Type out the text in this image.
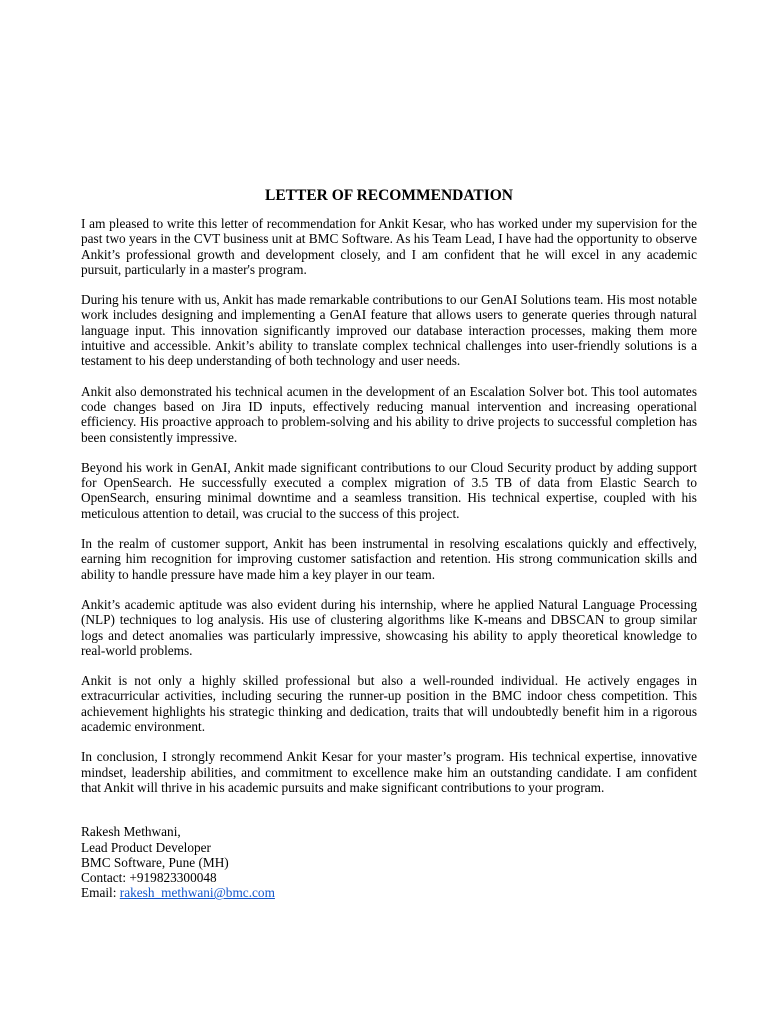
LETTER OF RECOMMENDATION

I am pleased to write this letter of recommendation for Ankit Kesar, who has worked under my supervision for the past two years in the CVT business unit at BMC Software. As his Team Lead, I have had the opportunity to observe Ankit’s professional growth and development closely, and I am confident that he will excel in any academic pursuit, particularly in a master's program.

During his tenure with us, Ankit has made remarkable contributions to our GenAI Solutions team. His most notable work includes designing and implementing a GenAI feature that allows users to generate queries through natural language input. This innovation significantly improved our database interaction processes, making them more intuitive and accessible. Ankit’s ability to translate complex technical challenges into user-friendly solutions is a testament to his deep understanding of both technology and user needs.

Ankit also demonstrated his technical acumen in the development of an Escalation Solver bot. This tool automates code changes based on Jira ID inputs, effectively reducing manual intervention and increasing operational efficiency. His proactive approach to problem-solving and his ability to drive projects to successful completion has been consistently impressive.

Beyond his work in GenAI, Ankit made significant contributions to our Cloud Security product by adding support for OpenSearch. He successfully executed a complex migration of 3.5 TB of data from Elastic Search to OpenSearch, ensuring minimal downtime and a seamless transition. His technical expertise, coupled with his meticulous attention to detail, was crucial to the success of this project.

In the realm of customer support, Ankit has been instrumental in resolving escalations quickly and effectively, earning him recognition for improving customer satisfaction and retention. His strong communication skills and ability to handle pressure have made him a key player in our team.

Ankit’s academic aptitude was also evident during his internship, where he applied Natural Language Processing (NLP) techniques to log analysis. His use of clustering algorithms like K-means and DBSCAN to group similar logs and detect anomalies was particularly impressive, showcasing his ability to apply theoretical knowledge to real-world problems.

Ankit is not only a highly skilled professional but also a well-rounded individual. He actively engages in extracurricular activities, including securing the runner-up position in the BMC indoor chess competition. This achievement highlights his strategic thinking and dedication, traits that will undoubtedly benefit him in a rigorous academic environment.

In conclusion, I strongly recommend Ankit Kesar for your master’s program. His technical expertise, innovative mindset, leadership abilities, and commitment to excellence make him an outstanding candidate. I am confident that Ankit will thrive in his academic pursuits and make significant contributions to your program.

Rakesh Methwani,
Lead Product Developer
BMC Software, Pune (MH)
Contact: +919823300048
Email: rakesh_methwani@bmc.com
